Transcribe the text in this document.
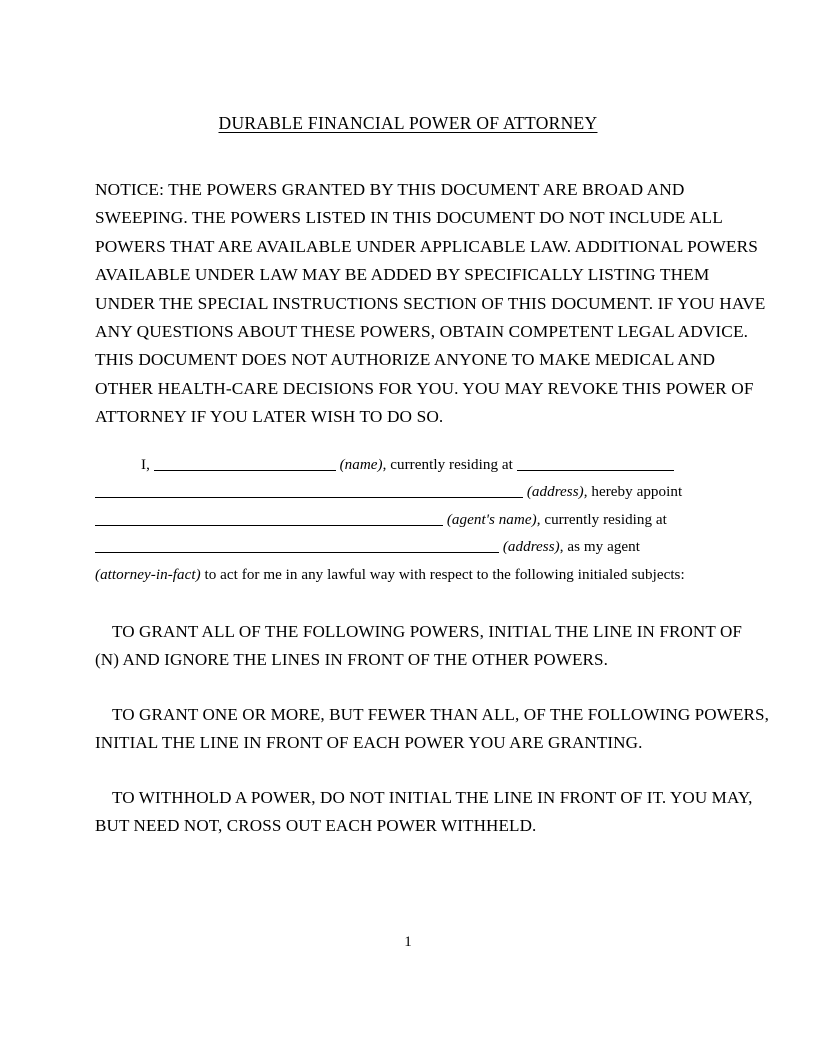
DURABLE FINANCIAL POWER OF ATTORNEY
NOTICE: THE POWERS GRANTED BY THIS DOCUMENT ARE BROAD AND
SWEEPING. THE POWERS LISTED IN THIS DOCUMENT DO NOT INCLUDE ALL
POWERS THAT ARE AVAILABLE UNDER APPLICABLE LAW. ADDITIONAL POWERS
AVAILABLE UNDER LAW MAY BE ADDED BY SPECIFICALLY LISTING THEM
UNDER THE SPECIAL INSTRUCTIONS SECTION OF THIS DOCUMENT. IF YOU HAVE
ANY QUESTIONS ABOUT THESE POWERS, OBTAIN COMPETENT LEGAL ADVICE.
THIS DOCUMENT DOES NOT AUTHORIZE ANYONE TO MAKE MEDICAL AND
OTHER HEALTH-CARE DECISIONS FOR YOU. YOU MAY REVOKE THIS POWER OF
ATTORNEY IF YOU LATER WISH TO DO SO.
I,	(name), currently residing at
(address), hereby appoint
(agent's name), currently residing at
(address), as my agent
(attorney-in-fact) to act for me in any lawful way with respect to the following initialed subjects:
TO GRANT ALL OF THE FOLLOWING POWERS, INITIAL THE LINE IN FRONT OF
(N) AND IGNORE THE LINES IN FRONT OF THE OTHER POWERS.
TO GRANT ONE OR MORE, BUT FEWER THAN ALL, OF THE FOLLOWING POWERS,
INITIAL THE LINE IN FRONT OF EACH POWER YOU ARE GRANTING.
TO WITHHOLD A POWER, DO NOT INITIAL THE LINE IN FRONT OF IT. YOU MAY,
BUT NEED NOT, CROSS OUT EACH POWER WITHHELD.
1
